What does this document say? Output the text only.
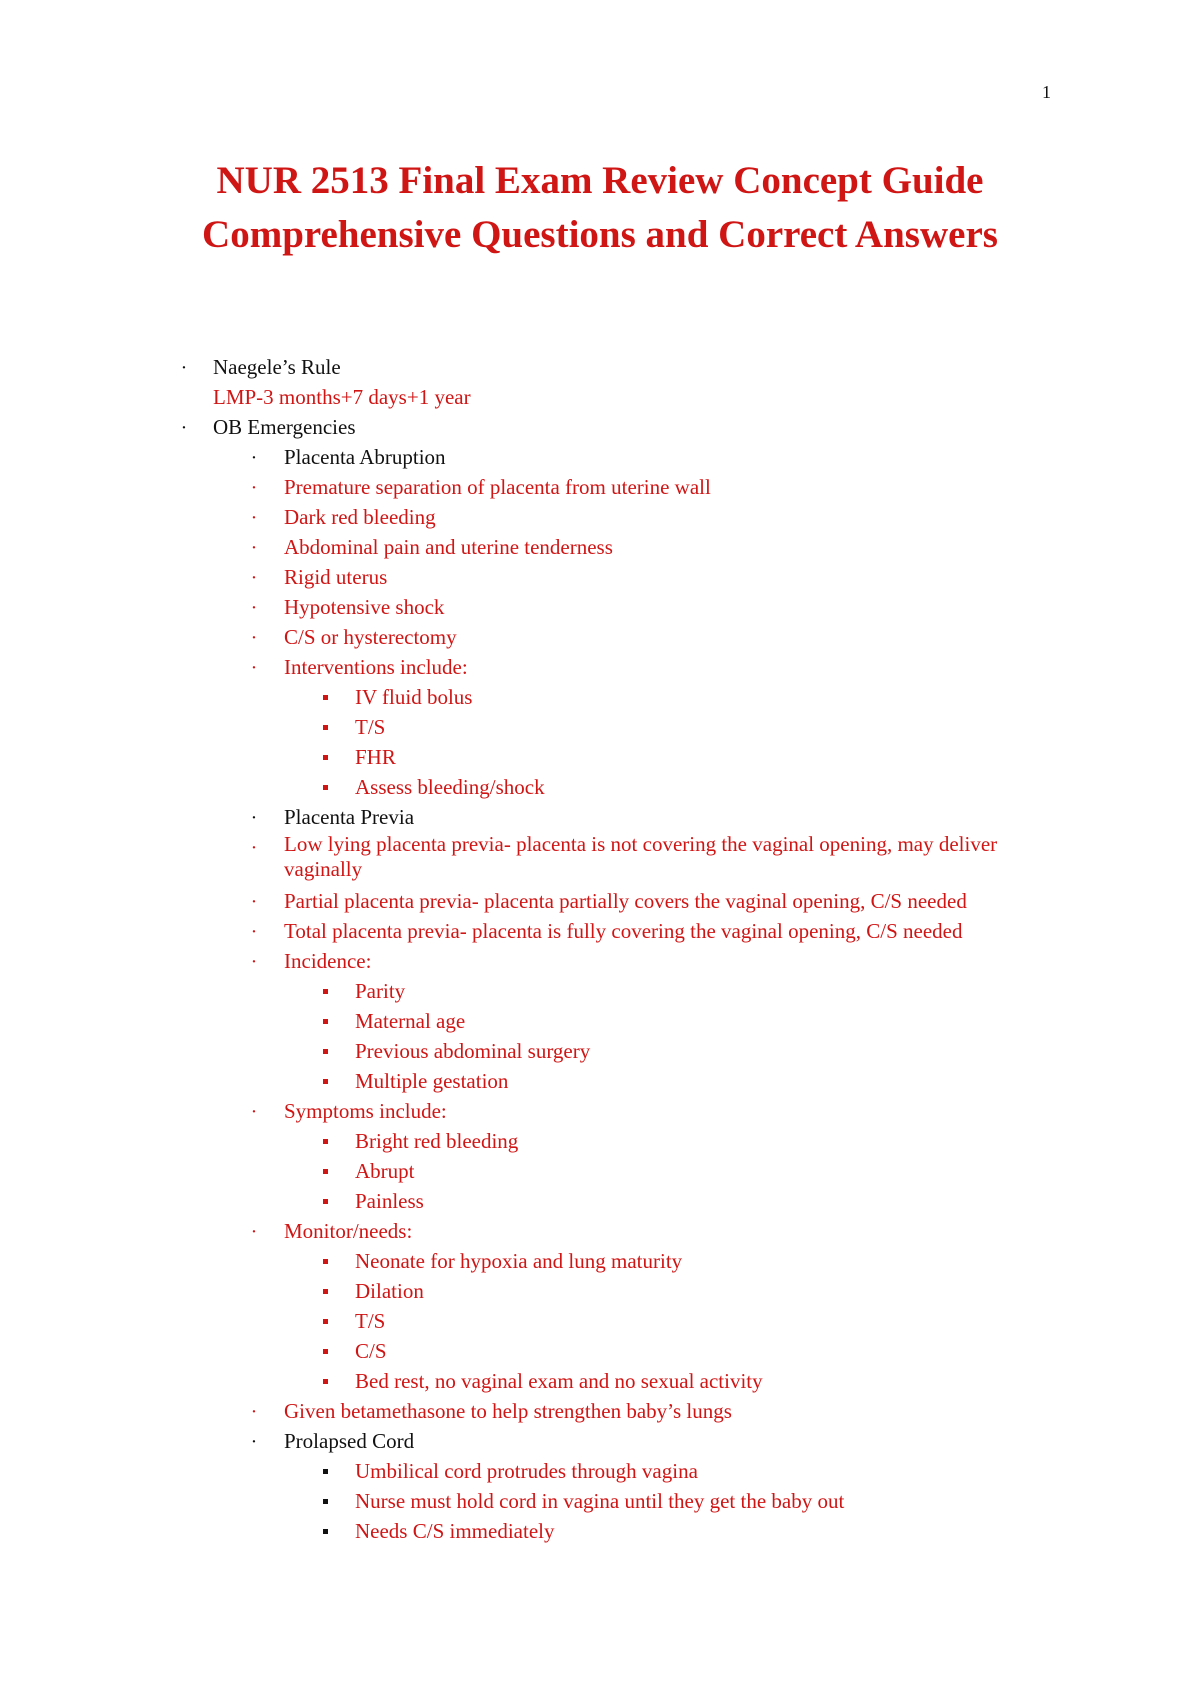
1
NUR 2513 Final Exam Review Concept Guide
Comprehensive Questions and Correct Answers
·
Naegele’s Rule
LMP-3 months+7 days+1 year
·
OB Emergencies
·
Placenta Abruption
·
Premature separation of placenta from uterine wall
·
Dark red bleeding
·
Abdominal pain and uterine tenderness
·
Rigid uterus
·
Hypotensive shock
·
C/S or hysterectomy
·
Interventions include:
IV fluid bolus
T/S
FHR
Assess bleeding/shock
·
Placenta Previa
·
Low lying placenta previa- placenta is not covering the vaginal opening, may deliver vaginally
·
Partial placenta previa- placenta partially covers the vaginal opening, C/S needed
·
Total placenta previa- placenta is fully covering the vaginal opening, C/S needed
·
Incidence:
Parity
Maternal age
Previous abdominal surgery
Multiple gestation
·
Symptoms include:
Bright red bleeding
Abrupt
Painless
·
Monitor/needs:
Neonate for hypoxia and lung maturity
Dilation
T/S
C/S
Bed rest, no vaginal exam and no sexual activity
·
Given betamethasone to help strengthen baby’s lungs
·
Prolapsed Cord
Umbilical cord protrudes through vagina
Nurse must hold cord in vagina until they get the baby out
Needs C/S immediately
